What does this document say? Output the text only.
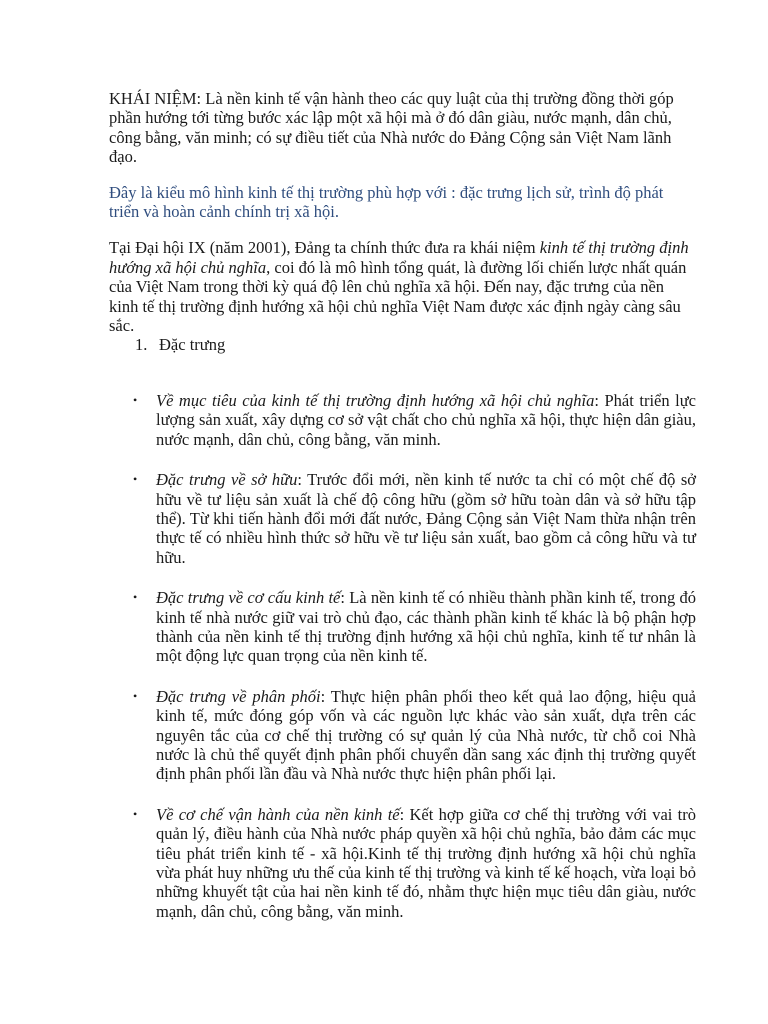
KHÁI NIỆM: Là nền kinh tế vận hành theo các quy luật của thị trường đồng thời góp phần hướng tới từng bước xác lập một xã hội mà ở đó dân giàu, nước mạnh, dân chủ, công bằng, văn minh; có sự điều tiết của Nhà nước do Đảng Cộng sản Việt Nam lãnh đạo.

Đây là kiểu mô hình kinh tế thị trường phù hợp với : đặc trưng lịch sử, trình độ phát triển và hoàn cảnh chính trị xã hội.

Tại Đại hội IX (năm 2001), Đảng ta chính thức đưa ra khái niệm kinh tế thị trường định hướng xã hội chủ nghĩa, coi đó là mô hình tổng quát, là đường lối chiến lược nhất quán của Việt Nam trong thời kỳ quá độ lên chủ nghĩa xã hội. Đến nay, đặc trưng của nền kinh tế thị trường định hướng xã hội chủ nghĩa Việt Nam được xác định ngày càng sâu sắc.

1. Đặc trưng
• Về mục tiêu của kinh tế thị trường định hướng xã hội chủ nghĩa: Phát triển lực lượng sản xuất, xây dựng cơ sở vật chất cho chủ nghĩa xã hội, thực hiện dân giàu, nước mạnh, dân chủ, công bằng, văn minh.
• Đặc trưng về sở hữu: Trước đổi mới, nền kinh tế nước ta chỉ có một chế độ sở hữu về tư liệu sản xuất là chế độ công hữu (gồm sở hữu toàn dân và sở hữu tập thể). Từ khi tiến hành đổi mới đất nước, Đảng Cộng sản Việt Nam thừa nhận trên thực tế có nhiều hình thức sở hữu về tư liệu sản xuất, bao gồm cả công hữu và tư hữu.
• Đặc trưng về cơ cấu kinh tế: Là nền kinh tế có nhiều thành phần kinh tế, trong đó kinh tế nhà nước giữ vai trò chủ đạo, các thành phần kinh tế khác là bộ phận hợp thành của nền kinh tế thị trường định hướng xã hội chủ nghĩa, kinh tế tư nhân là một động lực quan trọng của nền kinh tế.
• Đặc trưng về phân phối: Thực hiện phân phối theo kết quả lao động, hiệu quả kinh tế, mức đóng góp vốn và các nguồn lực khác vào sản xuất, dựa trên các nguyên tắc của cơ chế thị trường có sự quản lý của Nhà nước, từ chỗ coi Nhà nước là chủ thể quyết định phân phối chuyển dần sang xác định thị trường quyết định phân phối lần đầu và Nhà nước thực hiện phân phối lại.
• Về cơ chế vận hành của nền kinh tế: Kết hợp giữa cơ chế thị trường với vai trò quản lý, điều hành của Nhà nước pháp quyền xã hội chủ nghĩa, bảo đảm các mục tiêu phát triển kinh tế - xã hội.Kinh tế thị trường định hướng xã hội chủ nghĩa vừa phát huy những ưu thế của kinh tế thị trường và kinh tế kế hoạch, vừa loại bỏ những khuyết tật của hai nền kinh tế đó, nhằm thực hiện mục tiêu dân giàu, nước mạnh, dân chủ, công bằng, văn minh.
